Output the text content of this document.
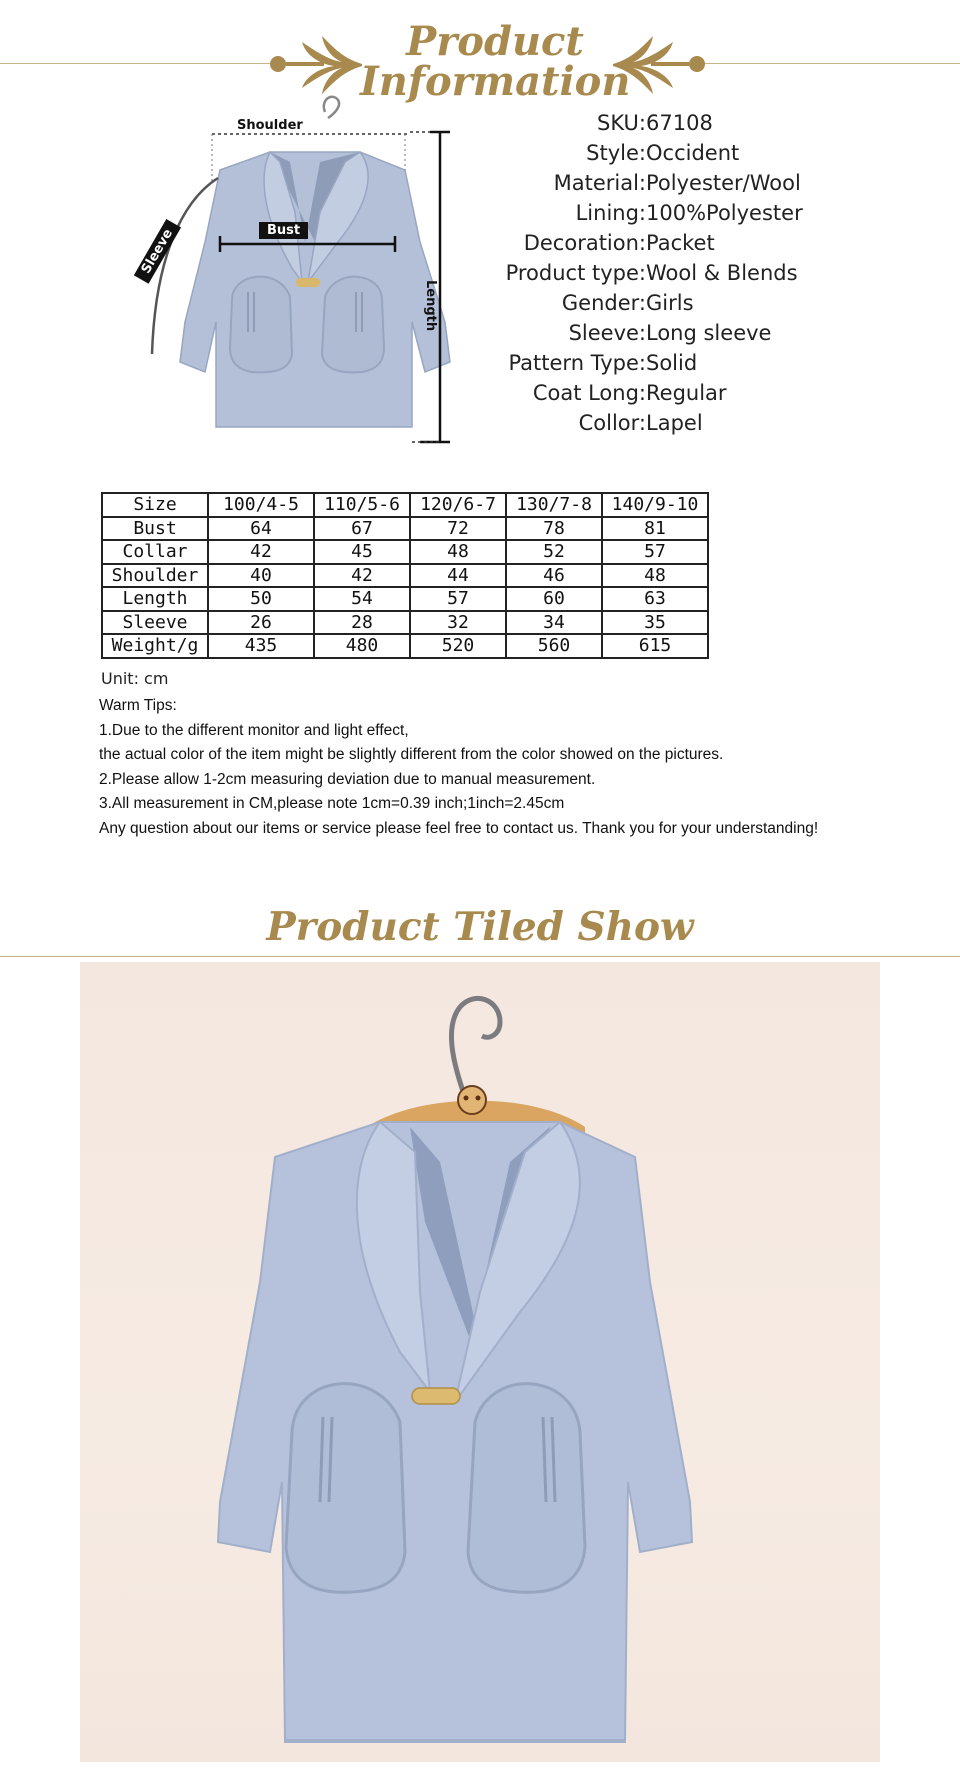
Product
Information
Shoulder
Bust
Length
Sleeve
SKU: 67108
Style: Occident
Material: Polyester/Wool
Lining: 100%Polyester
Decoration: Packet
Product type: Wool & Blends
Gender: Girls
Sleeve: Long sleeve
Pattern Type: Solid
Coat Long: Regular
Collor: Lapel
Size	100/4-5	110/5-6	120/6-7	130/7-8	140/9-10
Bust	64	67	72	78	81
Collar	42	45	48	52	57
Shoulder	40	42	44	46	48
Length	50	54	57	60	63
Sleeve	26	28	32	34	35
Weight/g	435	480	520	560	615
Unit: cm
Warm Tips:
1.Due to the different monitor and light effect,
the actual color of the item might be slightly different from the color showed on the pictures.
2.Please allow 1-2cm measuring deviation due to manual measurement.
3.All measurement in CM,please note 1cm=0.39 inch;1inch=2.45cm
Any question about our items or service please feel free to contact us. Thank you for your understanding!
Product Tiled Show
